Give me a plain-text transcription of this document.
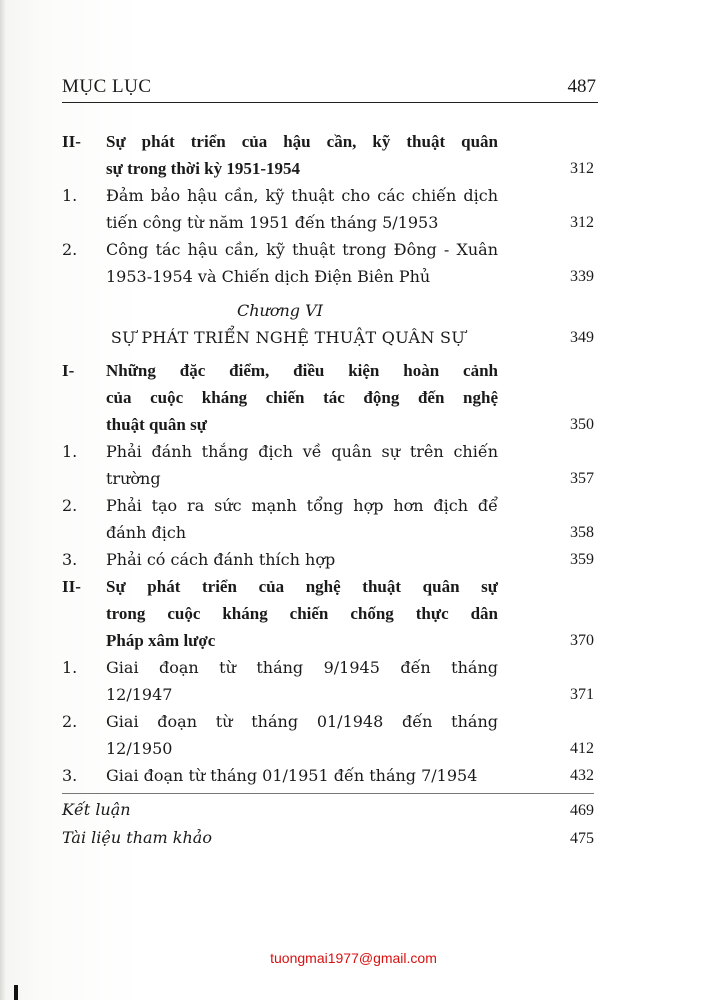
MỤC LỤC	487
II-	Sự phát triển của hậu cần, kỹ thuật quân
sự trong thời kỳ 1951-1954	312
1.	Đảm bảo hậu cần, kỹ thuật cho các chiến dịch
tiến công từ năm 1951 đến tháng 5/1953	312
2.	Công tác hậu cần, kỹ thuật trong Đông - Xuân
1953-1954 và Chiến dịch Điện Biên Phủ	339
Chương VI
SỰ PHÁT TRIỂN NGHỆ THUẬT QUÂN SỰ	349
I-	Những đặc điểm, điều kiện hoàn cảnh
của cuộc kháng chiến tác động đến nghệ
thuật quân sự	350
1.	Phải đánh thắng địch về quân sự trên chiến
trường	357
2.	Phải tạo ra sức mạnh tổng hợp hơn địch để
đánh địch	358
3.	Phải có cách đánh thích hợp	359
II-	Sự phát triển của nghệ thuật quân sự
trong cuộc kháng chiến chống thực dân
Pháp xâm lược	370
1.	Giai đoạn từ tháng 9/1945 đến tháng
12/1947	371
2.	Giai đoạn từ tháng 01/1948 đến tháng
12/1950	412
3.	Giai đoạn từ tháng 01/1951 đến tháng 7/1954	432
Kết luận	469
Tài liệu tham khảo	475
tuongmai1977@gmail.com
